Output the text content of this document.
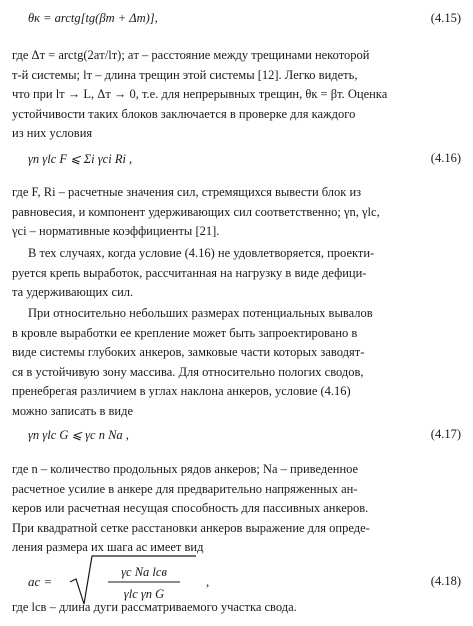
θк = arctg[tg(βт + Δт)],	(4.15)
где Δт = arctg(2aт/lт); aт – расстояние между трещинами некоторой
т-й системы; lт – длина трещин этой системы [12]. Легко видеть,
что при lт → L, Δт → 0, т.е. для непрерывных трещин, θк = βт. Оценка
устойчивости таких блоков заключается в проверке для каждого
из них условия
γn γlc F ⩽ Σi γci Ri ,	(4.16)
где F, Ri – расчетные значения сил, стремящихся вывести блок из
равновесия, и компонент удерживающих сил соответственно; γn, γlc,
γci – нормативные коэффициенты [21].
В тех случаях, когда условие (4.16) не удовлетворяется, проекти-
руется крепь выработок, рассчитанная на нагрузку в виде дефици-
та удерживающих сил.
При относительно небольших размерах потенциальных вывалов
в кровле выработки ее крепление может быть запроектировано в
виде системы глубоких анкеров, замковые части которых заводят-
ся в устойчивую зону массива. Для относительно пологих сводов,
пренебрегая различием в углах наклона анкеров, условие (4.16)
можно записать в виде
γn γlc G ⩽ γc n Na ,	(4.17)
где n – количество продольных рядов анкеров; Na – приведенное
расчетное усилие в анкере для предварительно напряженных ан-
керов или расчетная несущая способность для пассивных анкеров.
При квадратной сетке расстановки анкеров выражение для опреде-
ления размера их шага ac имеет вид
ac =
γc Na lсв
γlc γn G
,	(4.18)
где lсв – длина дуги рассматриваемого участка свода.
